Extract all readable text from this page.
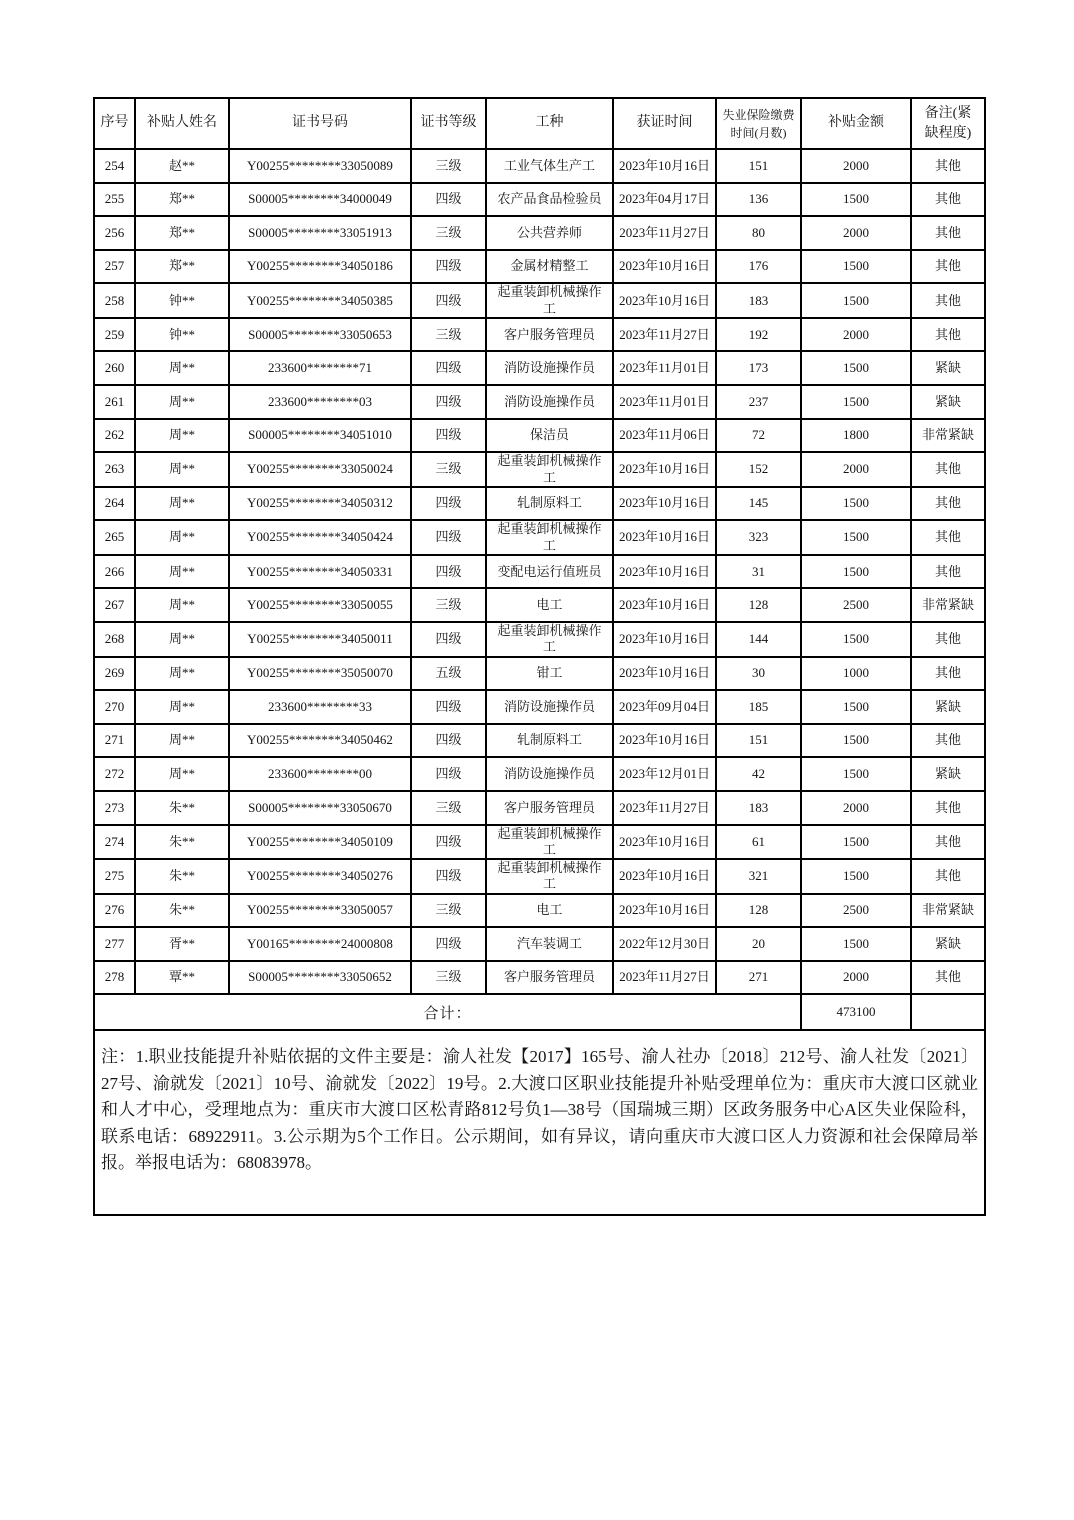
序号	补贴人姓名	证书号码	证书等级	工种	获证时间	失业保险缴费时间(月数)	补贴金额	备注(紧缺程度)
254	赵**	Y00255********33050089	三级	工业气体生产工	2023年10月16日	151	2000	其他
255	郑**	S00005********34000049	四级	农产品食品检验员	2023年04月17日	136	1500	其他
256	郑**	S00005********33051913	三级	公共营养师	2023年11月27日	80	2000	其他
257	郑**	Y00255********34050186	四级	金属材精整工	2023年10月16日	176	1500	其他
258	钟**	Y00255********34050385	四级	起重装卸机械操作工	2023年10月16日	183	1500	其他
259	钟**	S00005********33050653	三级	客户服务管理员	2023年11月27日	192	2000	其他
260	周**	233600********71	四级	消防设施操作员	2023年11月01日	173	1500	紧缺
261	周**	233600********03	四级	消防设施操作员	2023年11月01日	237	1500	紧缺
262	周**	S00005********34051010	四级	保洁员	2023年11月06日	72	1800	非常紧缺
263	周**	Y00255********33050024	三级	起重装卸机械操作工	2023年10月16日	152	2000	其他
264	周**	Y00255********34050312	四级	轧制原料工	2023年10月16日	145	1500	其他
265	周**	Y00255********34050424	四级	起重装卸机械操作工	2023年10月16日	323	1500	其他
266	周**	Y00255********34050331	四级	变配电运行值班员	2023年10月16日	31	1500	其他
267	周**	Y00255********33050055	三级	电工	2023年10月16日	128	2500	非常紧缺
268	周**	Y00255********34050011	四级	起重装卸机械操作工	2023年10月16日	144	1500	其他
269	周**	Y00255********35050070	五级	钳工	2023年10月16日	30	1000	其他
270	周**	233600********33	四级	消防设施操作员	2023年09月04日	185	1500	紧缺
271	周**	Y00255********34050462	四级	轧制原料工	2023年10月16日	151	1500	其他
272	周**	233600********00	四级	消防设施操作员	2023年12月01日	42	1500	紧缺
273	朱**	S00005********33050670	三级	客户服务管理员	2023年11月27日	183	2000	其他
274	朱**	Y00255********34050109	四级	起重装卸机械操作工	2023年10月16日	61	1500	其他
275	朱**	Y00255********34050276	四级	起重装卸机械操作工	2023年10月16日	321	1500	其他
276	朱**	Y00255********33050057	三级	电工	2023年10月16日	128	2500	非常紧缺
277	胥**	Y00165********24000808	四级	汽车装调工	2022年12月30日	20	1500	紧缺
278	覃**	S00005********33050652	三级	客户服务管理员	2023年11月27日	271	2000	其他
合计：							473100	
注：1.职业技能提升补贴依据的文件主要是：渝人社发【2017】165号、渝人社办〔2018〕212号、渝人社发〔2021〕27号、渝就发〔2021〕10号、渝就发〔2022〕19号。2.大渡口区职业技能提升补贴受理单位为：重庆市大渡口区就业和人才中心，受理地点为：重庆市大渡口区松青路812号负1—38号（国瑞城三期）区政务服务中心A区失业保险科，联系电话：68922911。3.公示期为5个工作日。公示期间，如有异议，请向重庆市大渡口区人力资源和社会保障局举报。举报电话为：68083978。								
